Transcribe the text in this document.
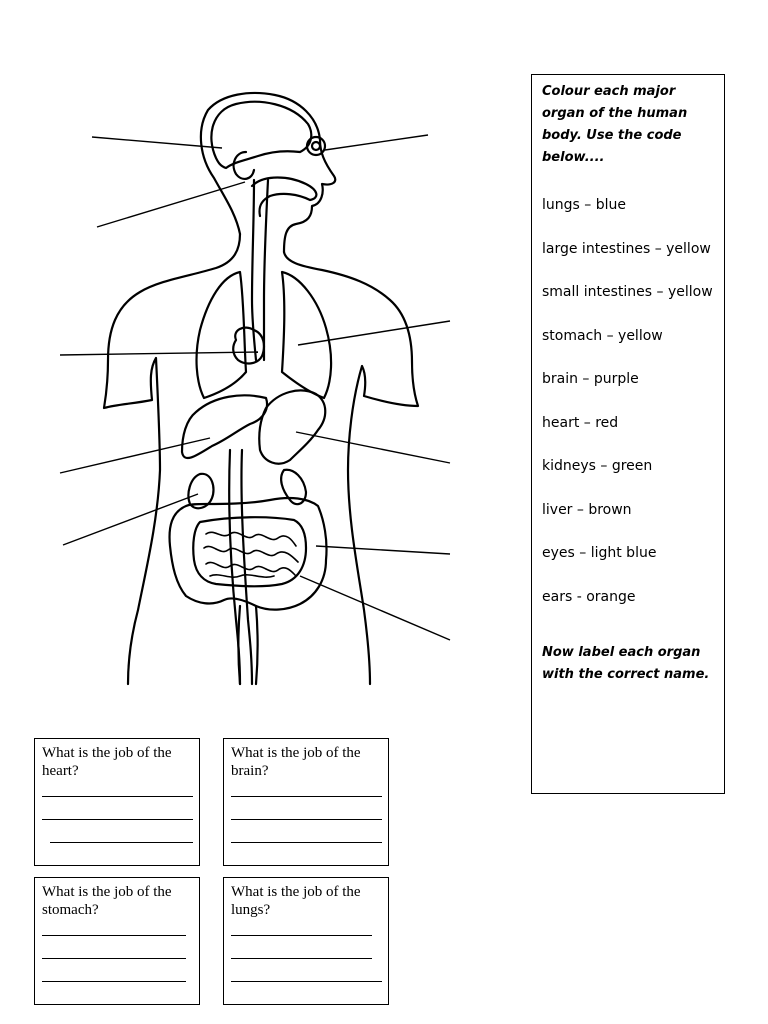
Colour each major organ of the human body. Use the code below....

lungs – blue
large intestines – yellow
small intestines – yellow
stomach – yellow
brain – purple
heart – red
kidneys – green
liver – brown
eyes – light blue
ears - orange

Now label each organ with the correct name.

What is the job of the heart?

What is the job of the brain?

What is the job of the stomach?

What is the job of the lungs?
